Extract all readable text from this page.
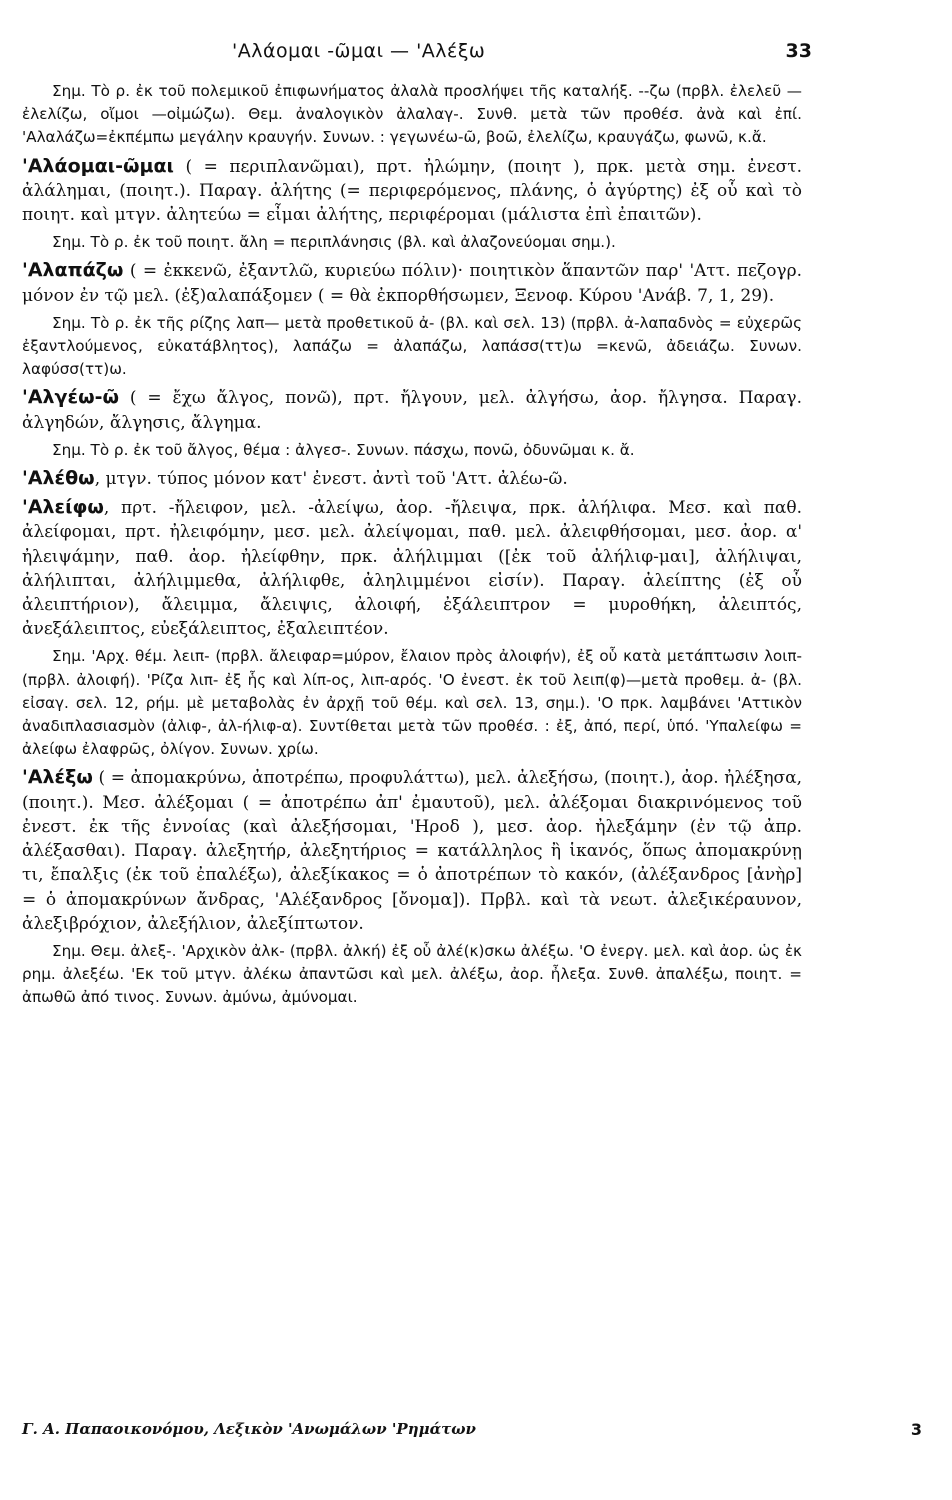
'Αλάομαι -ῶμαι — 'Αλέξω	33

Σημ. Τὸ ρ. ἐκ τοῦ πολεμικοῦ ἐπιφωνήματος ἀλαλὰ προσλήψει τῆς καταλήξ. --ζω (πρβλ. ἐλελεῦ —ἐλελίζω, οἴμοι —οἰμώζω). Θεμ. ἀναλογικὸν ἀλαλαγ-. Συνθ. μετὰ τῶν προθέσ. ἀνὰ καὶ ἐπί. 'Αλαλάζω=ἐκπέμπω μεγάλην κραυγήν. Συνων. : γεγωνέω-ῶ, βοῶ, ἐλελίζω, κραυγάζω, φωνῶ, κ.ἄ.

'Αλάομαι-ῶμαι ( = περιπλανῶμαι), πρτ. ἠλώμην, (ποιητ ), πρκ. μετὰ σημ. ἐνεστ. ἀλάλημαι, (ποιητ.). Παραγ. ἀλήτης (= περιφερόμενος, πλάνης, ὁ ἀγύρτης) ἐξ οὗ καὶ τὸ ποιητ. καὶ μτγν. ἀλητεύω = εἶμαι ἀλήτης, περιφέρομαι (μάλιστα ἐπὶ ἐπαιτῶν).

Σημ. Τὸ ρ. ἐκ τοῦ ποιητ. ἄλη = περιπλάνησις (βλ. καὶ ἀλαζονεύομαι σημ.).

'Αλαπάζω ( = ἐκκενῶ, ἐξαντλῶ, κυριεύω πόλιν)· ποιητικὸν ἅπαντῶν παρ' 'Αττ. πεζογρ. μόνον ἐν τῷ μελ. (ἐξ)αλαπάξομεν ( = θὰ ἐκπορθήσωμεν, Ξενοφ. Κύρου 'Ανάβ. 7, 1, 29).

Σημ. Τὸ ρ. ἐκ τῆς ρίζης λαπ— μετὰ προθετικοῦ ἀ- (βλ. καὶ σελ. 13) (πρβλ. ἀ-λαπαδνὸς = εὐχερῶς ἐξαντλούμενος, εὐκατάβλητος), λαπάζω = ἀλαπάζω, λαπάσσ(ττ)ω =κενῶ, ἀδειάζω. Συνων. λαφύσσ(ττ)ω.

'Αλγέω-ῶ ( = ἔχω ἄλγος, πονῶ), πρτ. ἤλγουν, μελ. ἀλγήσω, ἀορ. ἤλγησα. Παραγ. ἀλγηδών, ἄλγησις, ἄλγημα.

Σημ. Τὸ ρ. ἐκ τοῦ ἄλγος, θέμα : ἀλγεσ-. Συνων. πάσχω, πονῶ, ὀδυνῶμαι κ. ἄ.

'Αλέθω, μτγν. τύπος μόνον κατ' ἐνεστ. ἀντὶ τοῦ 'Αττ. ἀλέω-ῶ.

'Αλείφω, πρτ. -ἤλειφον, μελ. -ἀλείψω, ἀορ. -ἤλειψα, πρκ. ἀλήλιφα. Μεσ. καὶ παθ. ἀλείφομαι, πρτ. ἠλειφόμην, μεσ. μελ. ἀλείψομαι, παθ. μελ. ἀλειφθήσομαι, μεσ. ἀορ. α' ἠλειψάμην, παθ. ἀορ. ἠλείφθην, πρκ. ἀλήλιμμαι ([ἐκ τοῦ ἀλήλιφ-μαι], ἀλήλιψαι, ἀλήλιπται, ἀλήλιμμεθα, ἀλήλιφθε, ἀληλιμμένοι εἰσίν). Παραγ. ἀλείπτης (ἐξ οὗ ἀλειπτήριον), ἄλειμμα, ἄλειψις, ἀλοιφή, ἐξάλειπτρον = μυροθήκη, ἀλειπτός, ἀνεξάλειπτος, εὐεξάλειπτος, ἐξαλειπτέον.

Σημ. 'Αρχ. θέμ. λειπ- (πρβλ. ἄλειφαρ=μύρον, ἔλαιον πρὸς ἀλοιφήν), ἐξ οὗ κατὰ μετάπτωσιν λοιπ- (πρβλ. ἀλοιφή). 'Ρίζα λιπ- ἐξ ἧς καὶ λίπ-ος, λιπ-αρός. 'Ο ἐνεστ. ἐκ τοῦ λειπ(φ)—μετὰ προθεμ. ἀ- (βλ. εἰσαγ. σελ. 12, ρήμ. μὲ μεταβολὰς ἐν ἀρχῇ τοῦ θέμ. καὶ σελ. 13, σημ.). 'Ο πρκ. λαμβάνει 'Αττικὸν ἀναδιπλασιασμὸν (ἀλιφ-, ἀλ-ήλιφ-α). Συντίθεται μετὰ τῶν προθέσ. : ἐξ, ἀπό, περί, ὑπό. 'Υπαλείφω = ἀλείφω ἐλαφρῶς, ὀλίγον. Συνων. χρίω.

'Αλέξω ( = ἀπομακρύνω, ἀποτρέπω, προφυλάττω), μελ. ἀλεξήσω, (ποιητ.), ἀορ. ἠλέξησα, (ποιητ.). Μεσ. ἀλέξομαι ( = ἀποτρέπω ἀπ' ἐμαυτοῦ), μελ. ἀλέξομαι διακρινόμενος τοῦ ἐνεστ. ἐκ τῆς ἐννοίας (καὶ ἀλεξήσομαι, 'Ηροδ ), μεσ. ἀορ. ἠλεξάμην (ἐν τῷ ἀπρ. ἀλέξασθαι). Παραγ. ἀλεξητήρ, ἀλεξητήριος = κατάλληλος ἢ ἱκανός, ὅπως ἀπομακρύνῃ τι, ἔπαλξις (ἐκ τοῦ ἐπαλέξω), ἀλεξίκακος = ὁ ἀποτρέπων τὸ κακόν, (ἀλέξανδρος [ἀνὴρ] = ὁ ἀπομακρύνων ἄνδρας, 'Αλέξανδρος [ὄνομα]). Πρβλ. καὶ τὰ νεωτ. ἀλεξικέραυνον, ἀλεξιβρόχιον, ἀλεξήλιον, ἀλεξίπτωτον.

Σημ. Θεμ. ἀλεξ-. 'Αρχικὸν ἀλκ- (πρβλ. ἀλκή) ἐξ οὗ ἀλέ(κ)σκω ἀλέξω. 'Ο ἐνεργ. μελ. καὶ ἀορ. ὡς ἐκ ρημ. ἀλεξέω. 'Εκ τοῦ μτγν. ἀλέκω ἀπαντῶσι καὶ μελ. ἀλέξω, ἀορ. ἦλεξα. Συνθ. ἀπαλέξω, ποιητ. = ἀπωθῶ ἀπό τινος. Συνων. ἀμύνω, ἀμύνομαι.

Γ. Α. Παπαοικονόμου, Λεξικὸν 'Ανωμάλων 'Ρημάτων	3
